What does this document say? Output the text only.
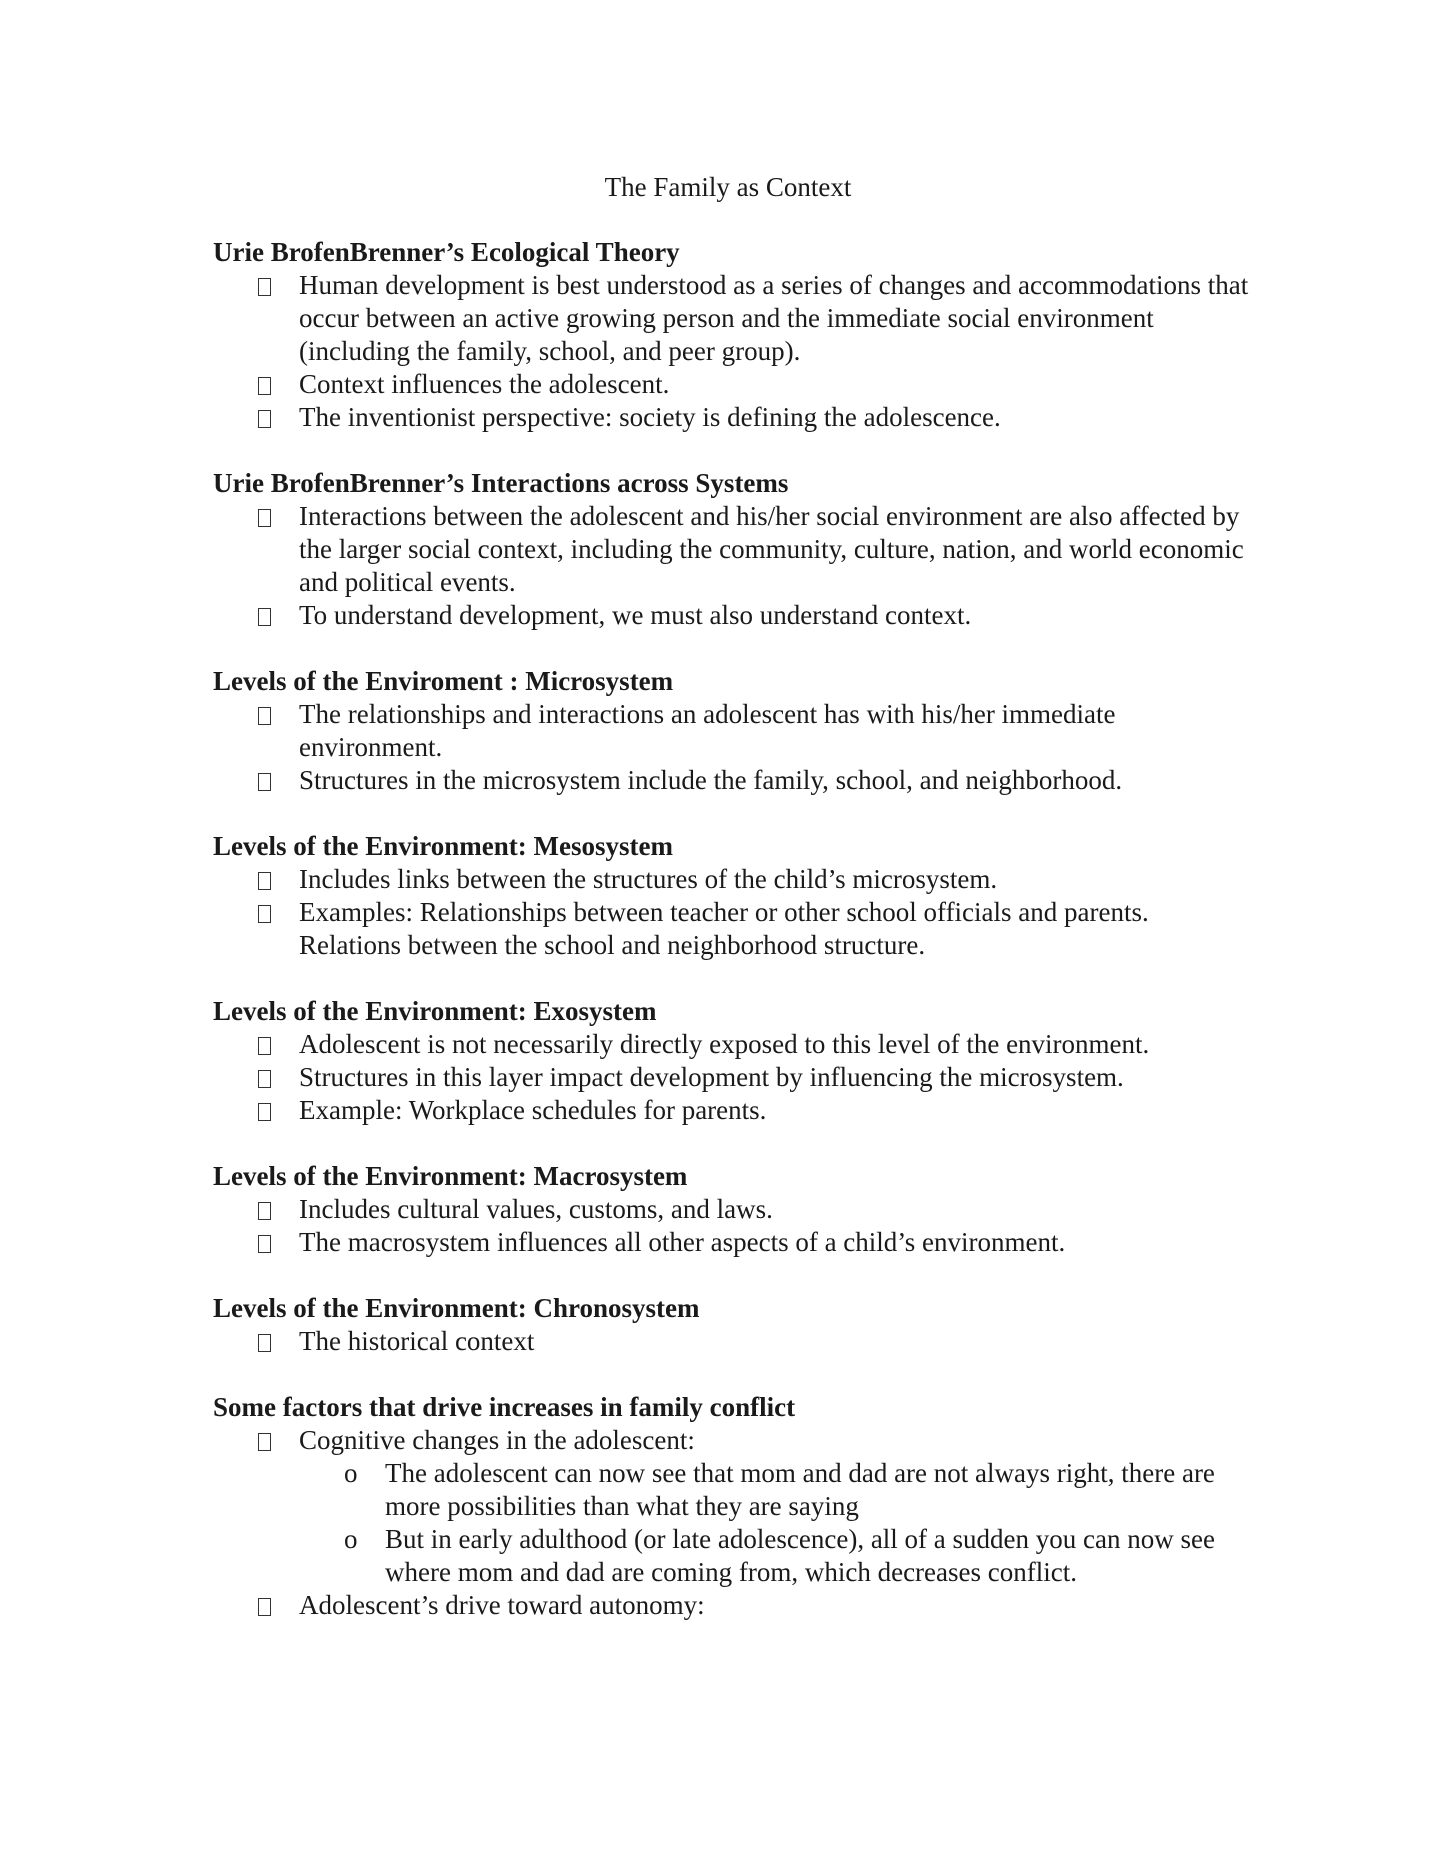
The Family as Context

Urie BrofenBrenner’s Ecological Theory

Human development is best understood as a series of changes and accommodations that occur between an active growing person and the immediate social environment (including the family, school, and peer group).
Context influences the adolescent.
The inventionist perspective: society is defining the adolescence.

Urie BrofenBrenner’s Interactions across Systems

Interactions between the adolescent and his/her social environment are also affected by the larger social context, including the community, culture, nation, and world economic and political events.
To understand development, we must also understand context.

Levels of the Enviroment : Microsystem

The relationships and interactions an adolescent has with his/her immediate environment.
Structures in the microsystem include the family, school, and neighborhood.

Levels of the Environment: Mesosystem

Includes links between the structures of the child’s microsystem.
Examples: Relationships between teacher or other school officials and parents. Relations between the school and neighborhood structure.

Levels of the Environment: Exosystem

Adolescent is not necessarily directly exposed to this level of the environment.
Structures in this layer impact development by influencing the microsystem.
Example: Workplace schedules for parents.

Levels of the Environment: Macrosystem

Includes cultural values, customs, and laws.
The macrosystem influences all other aspects of a child’s environment.

Levels of the Environment: Chronosystem

The historical context

Some factors that drive increases in family conflict

Cognitive changes in the adolescent:
o The adolescent can now see that mom and dad are not always right, there are more possibilities than what they are saying
o But in early adulthood (or late adolescence), all of a sudden you can now see where mom and dad are coming from, which decreases conflict.
Adolescent’s drive toward autonomy:
